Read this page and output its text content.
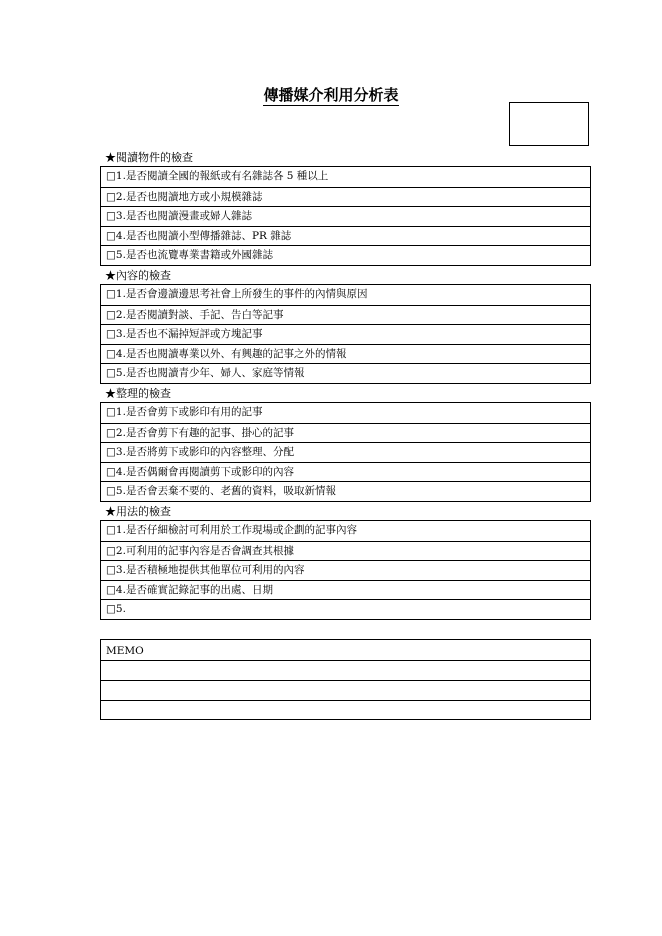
傳播媒介利用分析表
★閱讀物件的檢查
□1.是否閱讀全國的報紙或有名雜誌各 5 種以上
□2.是否也閱讀地方或小規模雜誌
□3.是否也閱讀漫畫或婦人雜誌
□4.是否也閱讀小型傳播雜誌、PR 雜誌
□5.是否也流覽專業書籍或外國雜誌
★內容的檢查
□1.是否會邊讀邊思考社會上所發生的事件的內情與原因
□2.是否閱讀對談、手記、告白等記事
□3.是否也不漏掉短評或方塊記事
□4.是否也閱讀專業以外、有興趣的記事之外的情報
□5.是否也閱讀青少年、婦人、家庭等情報
★整理的檢查
□1.是否會剪下或影印有用的記事
□2.是否會剪下有趣的記事、掛心的記事
□3.是否將剪下或影印的內容整理、分配
□4.是否偶爾會再閱讀剪下或影印的內容
□5.是否會丟棄不要的、老舊的資料，吸取新情報
★用法的檢查
□1.是否仔細檢討可利用於工作現場或企劃的記事內容
□2.可利用的記事內容是否會調查其根據
□3.是否積極地提供其他單位可利用的內容
□4.是否確實記錄記事的出處、日期
□5.
MEMO
